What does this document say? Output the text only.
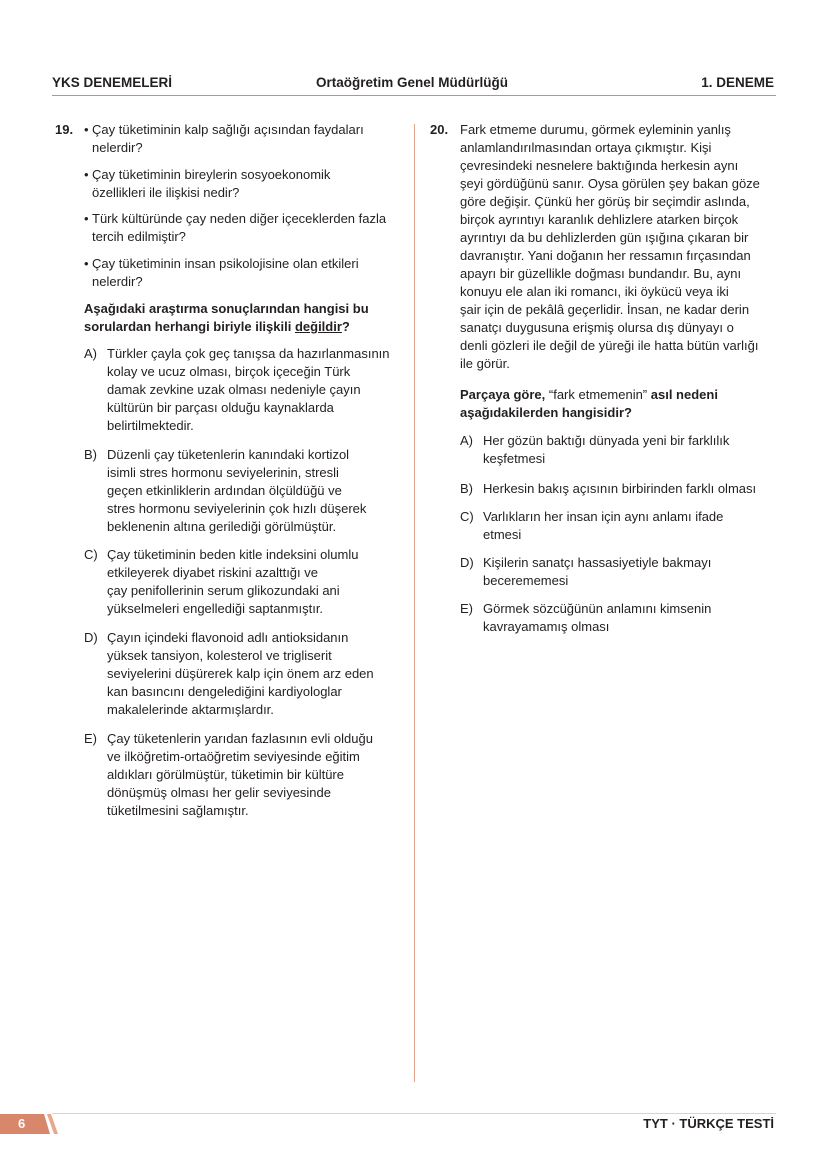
YKS DENEMELERİ	Ortaöğretim Genel Müdürlüğü	1. DENEME
19. • Çay tüketiminin kalp sağlığı açısından faydaları
nelerdir?
• Çay tüketiminin bireylerin sosyoekonomik
özellikleri ile ilişkisi nedir?
• Türk kültüründe çay neden diğer içeceklerden fazla
tercih edilmiştir?
• Çay tüketiminin insan psikolojisine olan etkileri
nelerdir?
Aşağıdaki araştırma sonuçlarından hangisi bu
sorulardan herhangi biriyle ilişkili değildir?
A) Türkler çayla çok geç tanışsa da hazırlanmasının
kolay ve ucuz olması, birçok içeceğin Türk
damak zevkine uzak olması nedeniyle çayın
kültürün bir parçası olduğu kaynaklarda
belirtilmektedir.
B) Düzenli çay tüketenlerin kanındaki kortizol
isimli stres hormonu seviyelerinin, stresli
geçen etkinliklerin ardından ölçüldüğü ve
stres hormonu seviyelerinin çok hızlı düşerek
beklenenin altına gerilediği görülmüştür.
C) Çay tüketiminin beden kitle indeksini olumlu
etkileyerek diyabet riskini azalttığı ve
çay penifollerinin serum glikozundaki ani
yükselmeleri engellediği saptanmıştır.
D) Çayın içindeki flavonoid adlı antioksidanın
yüksek tansiyon, kolesterol ve trigliserit
seviyelerini düşürerek kalp için önem arz eden
kan basıncını dengelediğini kardiyologlar
makalelerinde aktarmışlardır.
E) Çay tüketenlerin yarıdan fazlasının evli olduğu
ve ilköğretim-ortaöğretim seviyesinde eğitim
aldıkları görülmüştür, tüketimin bir kültüre
dönüşmüş olması her gelir seviyesinde
tüketilmesini sağlamıştır.
20. Fark etmeme durumu, görmek eyleminin yanlış
anlamlandırılmasından ortaya çıkmıştır. Kişi
çevresindeki nesnelere baktığında herkesin aynı
şeyi gördüğünü sanır. Oysa görülen şey bakan göze
göre değişir. Çünkü her görüş bir seçimdir aslında,
birçok ayrıntıyı karanlık dehlizlere atarken birçok
ayrıntıyı da bu dehlizlerden gün ışığına çıkaran bir
davranıştır. Yani doğanın her ressamın fırçasından
apayrı bir güzellikle doğması bundandır. Bu, aynı
konuyu ele alan iki romancı, iki öykücü veya iki
şair için de pekâlâ geçerlidir. İnsan, ne kadar derin
sanatçı duygusuna erişmiş olursa dış dünyayı o
denli gözleri ile değil de yüreği ile hatta bütün varlığı
ile görür.
Parçaya göre, “fark etmemenin” asıl nedeni
aşağıdakilerden hangisidir?
A) Her gözün baktığı dünyada yeni bir farklılık
keşfetmesi
B) Herkesin bakış açısının birbirinden farklı olması
C) Varlıkların her insan için aynı anlamı ifade
etmesi
D) Kişilerin sanatçı hassasiyetiyle bakmayı
becerememesi
E) Görmek sözcüğünün anlamını kimsenin
kavrayamamış olması
6	TYT · TÜRKÇE TESTİ
